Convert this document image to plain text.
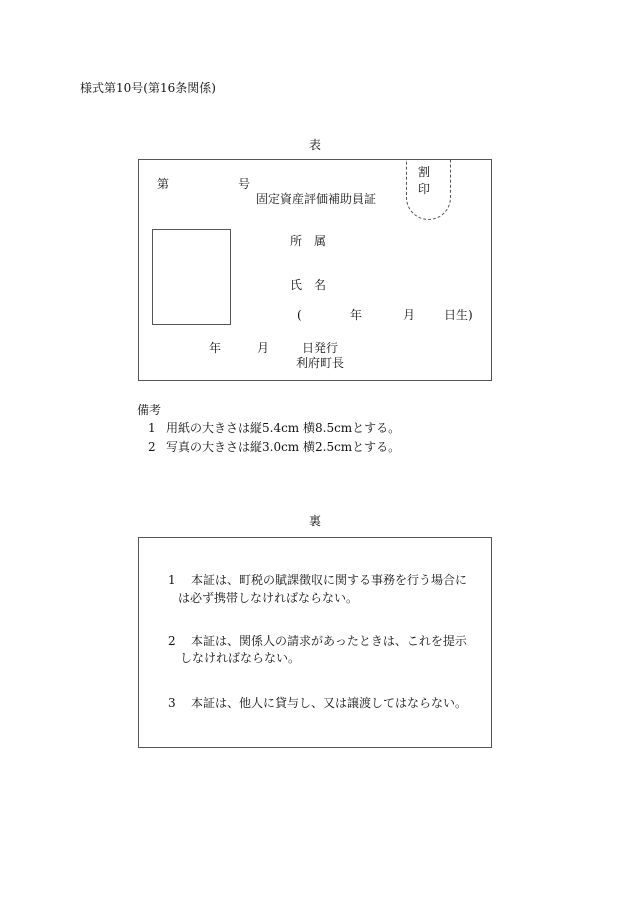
様式第10号(第16条関係)
表
割
印
第	号
固定資産評価補助員証
所　属
氏　名
(	年	月 日生)
年	月	日発行
利府町長
備考
1 用紙の大きさは縦5.4cm 横8.5cmとする。
2 写真の大きさは縦3.0cm 横2.5cmとする。
裏
1 本証は、町税の賦課徴収に関する事務を行う場合に
は必ず携帯しなければならない。
2 本証は、関係人の請求があったときは、これを提示
しなければならない。
3 本証は、他人に貸与し、又は譲渡してはならない。
